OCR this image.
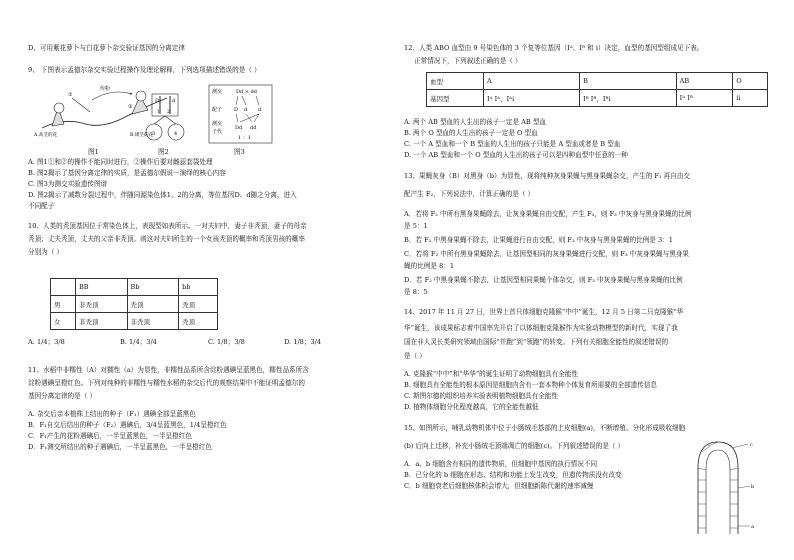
D、可用紫花萝卜与白花萝卜杂交验证基因的分离定律
9、 下图表示孟德尔杂交实验过程操作及理论解释，下列选项描述错误的是（ ）
传粉
①
②
A.高茎的花	B.矮茎的花
图1
D	d
1 2
3	4
图2
测交	Dd × dd
配子 D d d
测交
子代
Dd dd
1 ：1
图3
A. 图1①和②的操作不能同时进行，②操作后要对雌蕊套袋处理
B. 图2揭示了基因分离定律的实质，是孟德尔假说一演绎的核心内容
C. 图3为测交实验遗传图谱
D. 图2揭示了减数分裂过程中，伴随同源染色体1、2的分离，等位基因D、d随之分离，进入
不同配子
10、人类的秃顶基因位于常染色体上，表现型如表所示。一对夫妇中，妻子非秃顶，妻子的母亲
秃顶；丈夫秃顶，丈夫的父亲非秃顶。则这对夫妇所生的一个女孩秃顶的概率和秃顶男孩的概率
分别为（ ）
	BB	Bb	bb
男	非秃顶	秃顶	秃顶
女	非秃顶	非秃顶	秃顶
A. 1/4；3/8	B. 1/4；3/4	C. 1/8；3/8	D. 1/8；3/4
11、水稻中非糯性（A）对糯性（a）为显性，非糯性品系所含淀粉遇碘呈蓝黑色，糯性品系所含
淀粉遇碘呈橙红色。下列对纯种的非糯性与糯性水稻的杂交后代的观察结果中不能证明孟德尔的
基因分离定律的是（ ）
A. 杂交后亲本植株上结出的种子（F₁）遇碘全部呈蓝黑色
B．F₁自交后结出的种子（F₂）遇碘后，3/4呈蓝黑色，1/4呈橙红色
C．F₁产生的花粉遇碘后，一半呈蓝黑色，一半呈橙红色
D．F₁测交所结出的种子遇碘后，一半呈蓝黑色，一半呈橙红色
12、人类 ABO 血型由 9 号染色体的 3 个复等位基因（Iᴬ、Iᴮ 和 i）决定，血型的基因型组成见下表。
正常情况下，下列叙述正确的是（ ）
血型	A	B	AB	O
基因型	Iᴬ Iᴬ，Iᴬi	Iᴮ Iᴮ，Iᴮi	Iᴬ Iᴮ	ii
A. 两个 AB 型血的人生出的孩子一定是 AB 型血
B. 两个 O 型血的人生出的孩子一定是 O 型血
C. 一个 A 型血和一个 B 型血的人生出的孩子只能是 A 型血或者是 B 型血
D. 一个 AB 型血和一个 O 型血的人生出的孩子可以是四种血型中任意的一种
13、果蝇灰身（B）对黑身（b）为显性，现将纯种灰身果蝇与黑身果蝇杂交，产生的 F₁ 再自由交
配产生 F₂，下列说法中，计算正确的是（ ）
A．若将 F₂ 中所有黑身果蝇除去，让灰身果蝇自由交配，产生 F₃，则 F₃ 中灰身与黑身果蝇的比例
是 5：1
B．若 F₂ 中黑身果蝇不除去，让果蝇进行自由交配，则 F₃ 中灰身与黑身果蝇的比例是 3：1
C．若将 F₂ 中所有黑身果蝇除去，让基因型相同的灰身果蝇进行交配，则 F₃ 中灰身果蝇与黑身果
蝇的比例是 8：1
D．若 F₂ 中黑身果蝇不除去，让基因型相同果蝇个体杂交，则 F₃ 中灰身果蝇与黑身果蝇的比例
是 8：5
14、2017 年 11 月 27 日，世界上首只体细胞克隆猴“中中”诞生，12 月 5 日第二只克隆猴“华
华”诞生，该成果标志着中国率先开启了以体细胞克隆猴作为实验动物模型的新时代，实现了我
国在非人灵长类研究领域由国际“并跑”到“领跑”的转变。下列有关细胞全能性的叙述错误的
是（ ）
A. 克隆猴“中中”和“华华”的诞生证明了动物细胞具有全能性
B. 细胞具有全能性的根本原因是细胞内含有一套本物种个体发育所需要的全部遗传信息
C. 斯图尔德的组织培养实验表明植物细胞具有全能性
D. 植物体细胞分化程度越高，它的全能性越低
15、如图所示，哺乳动物机体中位于小肠绒毛基部的上皮细胞(a)，不断增殖、分化形成吸收细胞
(b) 后向上迁移，补充小肠绒毛顶端凋亡的细胞(c)。下列叙述错误的是（ ）
A．a、b 细胞含有相同的遗传物质，但细胞中基因的执行情况不同
B．已分化的 b 细胞在形态、结构和功能上发生改变，但遗传物质没有改变
C．b 细胞衰老后细胞核体积会增大，但细胞新陈代谢的速率减慢
c
b
a
